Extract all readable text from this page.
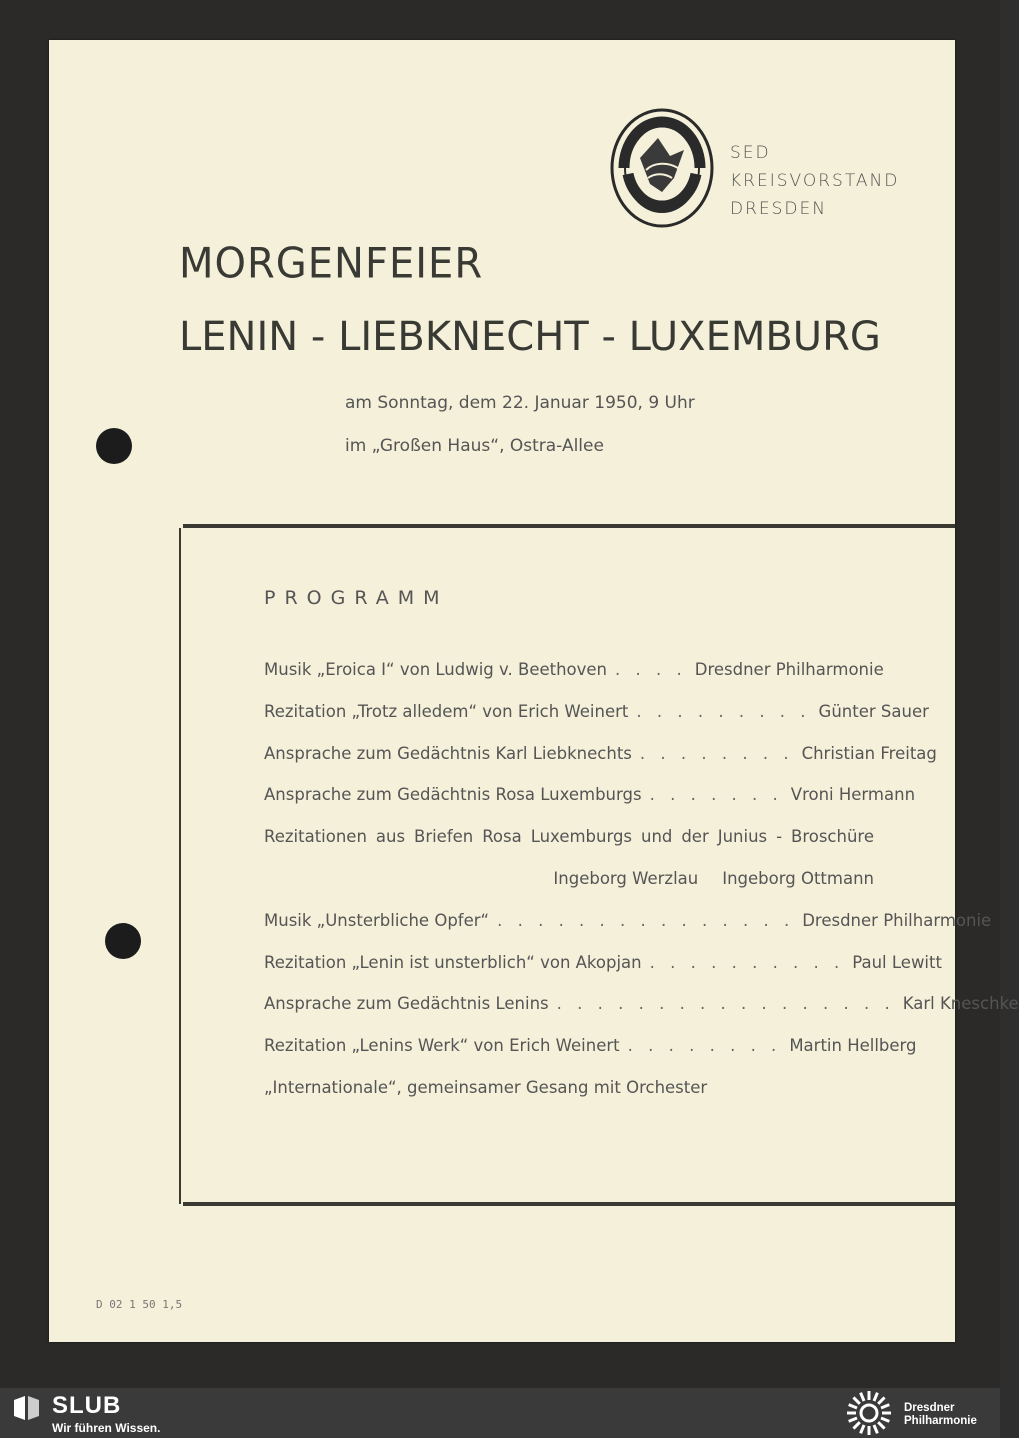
SED
KREISVORSTAND
DRESDEN
MORGENFEIER
LENIN - LIEBKNECHT - LUXEMBURG
am Sonntag, dem 22. Januar 1950, 9 Uhr
im „Großen Haus“, Ostra-Allee
PROGRAMM
Musik „Eroica I“ von Ludwig v. Beethoven . . . . Dresdner Philharmonie
Rezitation „Trotz alledem“ von Erich Weinert . . . . . . . . . Günter Sauer
Ansprache zum Gedächtnis Karl Liebknechts . . . . . . . . Christian Freitag
Ansprache zum Gedächtnis Rosa Luxemburgs . . . . . . . Vroni Hermann
Rezitationen aus Briefen Rosa Luxemburgs und der Junius - Broschüre
Ingeborg Werzlau Ingeborg Ottmann
Musik „Unsterbliche Opfer“ . . . . . . . . . . . . . . . Dresdner Philharmonie
Rezitation „Lenin ist unsterblich“ von Akopjan . . . . . . . . . . Paul Lewitt
Ansprache zum Gedächtnis Lenins . . . . . . . . . . . . . . . . . Karl Kneschke
Rezitation „Lenins Werk“ von Erich Weinert . . . . . . . . Martin Hellberg
„Internationale“, gemeinsamer Gesang mit Orchester
D 02 1 50 1,5
SLUB
Wir führen Wissen.
Dresdner
Philharmonie
